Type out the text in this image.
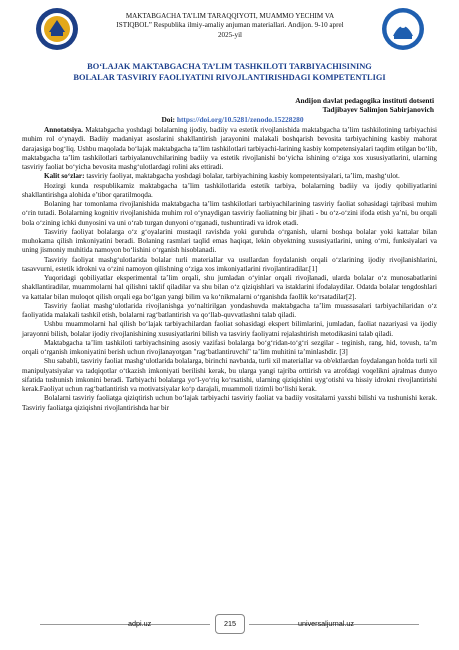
MAKTABGACHA TA’LIM TARAQQIYOTI, MUAMMO YECHIM VA
ISTIQBOL” Respublika ilmiy-amaliy anjuman materiallari. Andijon. 9-10 aprel
2025-yil
BO‘LAJAK MAKTABGACHA TA’LIM TASHKILOTI TARBIYACHISINING
BOLALAR TASVIRIY FAOLIYATINI RIVOJLANTIRISHDAGI KOMPETENTLIGI
Andijon davlat pedagogika instituti dotsenti
Tadjibayev Salimjon Sabirjanovich
Doi: https://doi.org/10.5281/zenodo.15228280

Annotatsiya. Maktabgacha yoshdagi bolalarning ijodiy, badiiy va estetik rivojlanishida maktabgacha ta’lim tashkilotining tarbiyachisi muhim rol o‘ynaydi. Badiiy madaniyat asoslarini shakllantirish jarayonini malakali boshqarish bevosita tarbiyachining kasbiy mahorat darajasiga bog‘liq. Ushbu maqolada bo‘lajak maktabgacha ta’lim tashkilotlari tarbiyachi-larining kasbiy kompetensiyalari taqdim etilgan bo‘lib, maktabgacha ta’lim tashkilotlari tarbiyalanuvchilarining badiiy va estetik rivojlanishi bo‘yicha ishining o‘ziga xos xususiyatlarini, ularning tasviriy faoliat bo‘yicha bevosita mashg‘ulotlardagi rolini aks ettiradi.

Kalit so‘zlar: tasviriy faoliyat, maktabgacha yoshdagi bolalar, tarbiyachining kasbiy kompetentsiyalari, ta’lim, mashg‘ulot.

Hozirgi kunda respublikamiz maktabgacha ta’lim tashkilotlarida estetik tarbiya, bolalarning badiiy va ijodiy qobiliyatlarini shakllantirishga alohida e’tibor qaratilmoqda.

Bolaning har tomonlama rivojlanishida maktabgacha ta’lim tashkilotlari tarbiyachilarining tasviriy faoliat sohasidagi tajribasi muhim o‘rin tutadi. Bolalarning kognitiv rivojlanishida muhim rol o‘ynaydigan tasviriy faoliatning bir jihati - bu o‘z-o‘zini ifoda etish ya’ni, bu orqali bola o‘zining ichki dunyosini va uni o‘rab turgan dunyoni o‘rganadi, tushuntiradi va idrok etadi.

Tasviriy faoliyat bolalarga o‘z g‘oyalarini mustaqil ravishda yoki guruhda o‘rganish, ularni boshqa bolalar yoki kattalar bilan muhokama qilish imkoniyatini beradi. Bolaning rasmlari taqlid emas haqiqat, lekin obyektning xususiyatlarini, uning o‘rni, funksiyalari va uning jismoniy muhitida namoyon bo‘lishini o‘rganish hisoblanadi.

Tasviriy faoliyat mashg‘ulotlarida bolalar turli materiallar va usullardan foydalanish orqali o‘zlarining ijodiy rivojlanishlarini, tasavvurni, estetik idrokni va o‘zini namoyon qilishning o‘ziga xos imkoniyatlarini rivojlantiradilar.[1]

Yuqoridagi qobiliyatlar eksperimental ta’lim orqali, shu jumladan o‘yinlar orqali rivojlanadi, ularda bolalar o‘z munosabatlarini shakllantiradilar, muammolarni hal qilishni taklif qiladilar va shu bilan o‘z qiziqishlari va istaklarini ifodalaydilar. Odatda bolalar tengdoshlari va kattalar bilan muloqot qilish orqali ega bo‘lgan yangi bilim va ko‘nikmalarni o‘rganishda faollik ko‘rsatadilar[2].

Tasviriy faoliat mashg‘ulotlarida rivojlanishga yo‘naltirilgan yondashuvda maktabgacha ta’lim muassasalari tarbiyachilaridan o‘z faoliyatida malakali tashkil etish, bolalarni rag‘batlantirish va qo‘llab-quvvatlashni talab qiladi.

Ushbu muammolarni hal qilish bo‘lajak tarbiyachilardan faoliat sohasidagi ekspert bilimlarini, jumladan, faoliat nazariyasi va ijodiy jarayonni bilish, bolalar ijodiy rivojlanishining xususiyatlarini bilish va tasviriy faoliyatni rejalashtirish metodikasini talab qiladi.

Maktabgacha ta’lim tashkiloti tarbiyachsining asosiy vazifasi bolalarga bo‘g‘ridan-to‘g‘ri sezgilar - teginish, rang, hid, tovush, ta’m orqali o‘rganish imkoniyatini berish uchun rivojlanayotgan "rag‘batlantiruvchi" ta’lim muhitini ta’minlashdir. [3]

Shu sababli, tasviriy faoliat mashg‘ulotlarida bolalarga, birinchi navbatda, turli xil materiallar va ob'ektlardan foydalangan holda turli xil manipulyatsiyalar va tadqiqotlar o‘tkazish imkoniyati berilishi kerak, bu ularga yangi tajriba orttirish va atrofdagi voqelikni ajralmas dunyo sifatida tushunish imkonini beradi. Tarbiyachi bolalarga yo‘l-yo‘riq ko‘rsatishi, ularning qiziqishini uyg‘otishi va hissiy idrokni rivojlantirishi kerak.Faoliyat uchun rag‘batlantirish va motivatsiyalar ko‘p darajali, muammoli tizimli bo‘lishi kerak.

Bolalarni tasviriy faoliatga qiziqtirish uchun bo‘lajak tarbiyachi tasviriy faoliat va badiiy vositalarni yaxshi bilishi va tushunishi kerak. Tasviriy faoliatga qiziqishni rivojlantirishda har bir

adpi.uz	215	universaljurnal.uz
